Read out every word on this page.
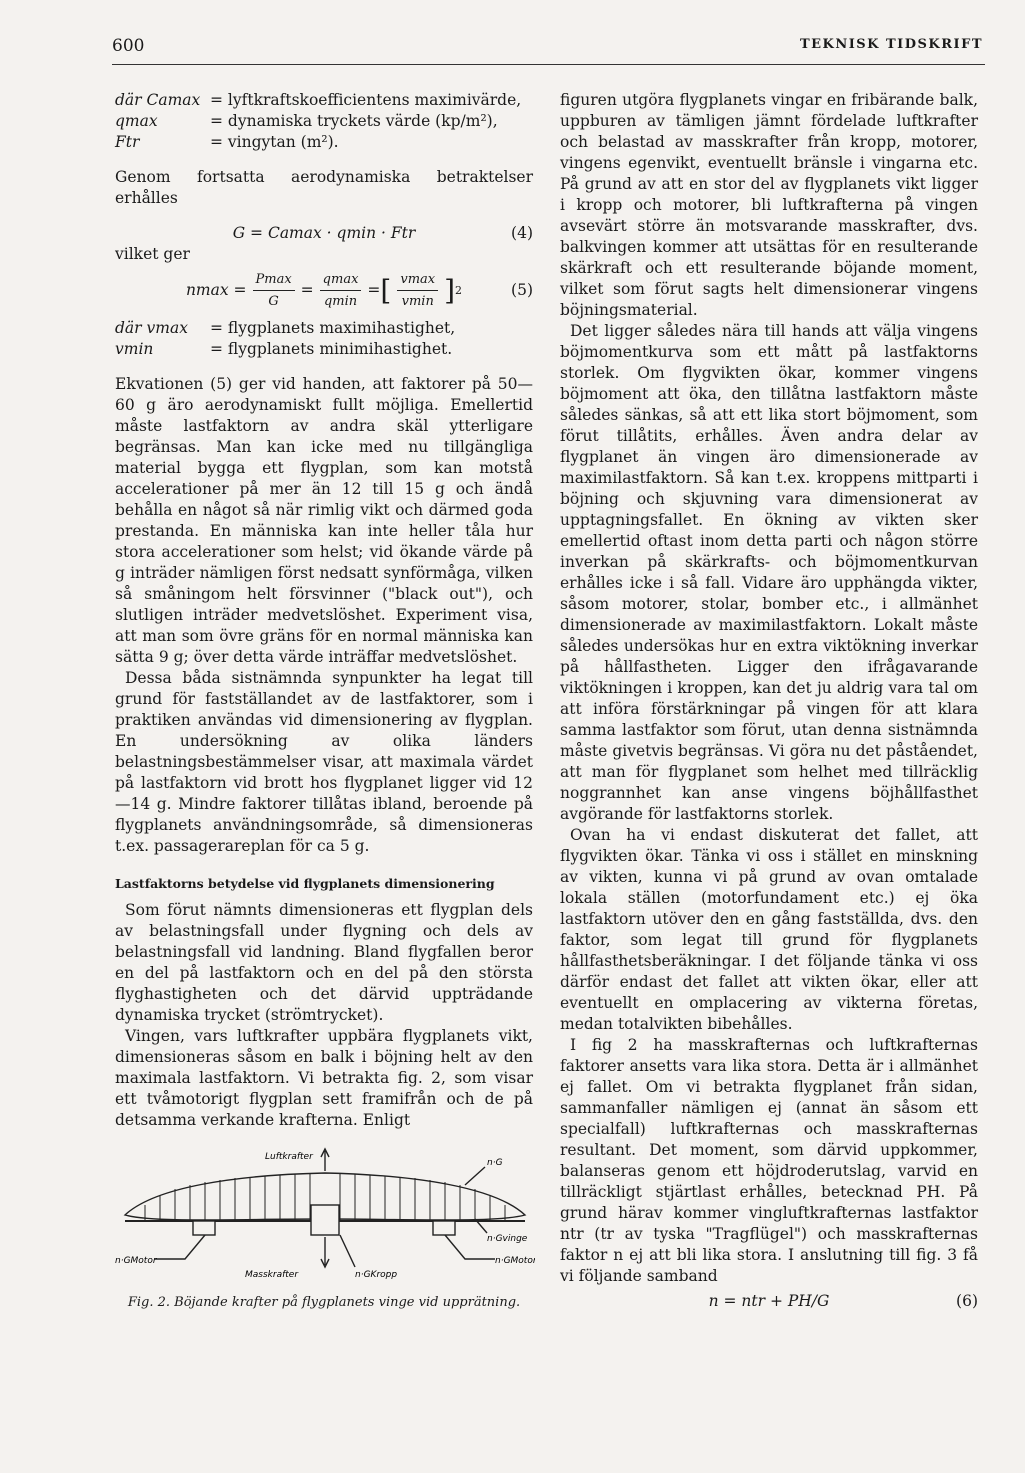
600	TEKNISK TIDSKRIFT
där Camax = lyftkraftskoefficientens maximivärde,
qmax	= dynamiska tryckets värde (kp/m²),
Ftr	= vingytan (m²).

Genom fortsatta aerodynamiska betraktelser erhålles

G = Camax · qmin · Ftr	(4)

vilket ger

$nmax = \frac{Pmax}{G} = \frac{qmax}{qmin}$ = [ $\frac{vmax}{vmin}$ ] 2	(5)
där vmax	= flygplanets maximihastighet,
vmin	= flygplanets minimihastighet.

Ekvationen (5) ger vid handen, att faktorer på 50—60 g äro aerodynamiskt fullt möjliga. Emellertid måste lastfaktorn av andra skäl ytterligare begränsas. Man kan icke med nu tillgängliga material bygga ett flygplan, som kan motstå accelerationer på mer än 12 till 15 g och ändå behålla en något så när rimlig vikt och därmed goda prestanda. En människa kan inte heller tåla hur stora accelerationer som helst; vid ökande värde på g inträder nämligen först nedsatt synförmåga, vilken så småningom helt försvinner ("black out"), och slutligen inträder medvetslöshet. Experiment visa, att man som övre gräns för en normal människa kan sätta 9 g; över detta värde inträffar medvetslöshet.

Dessa båda sistnämnda synpunkter ha legat till grund för fastställandet av de lastfaktorer, som i praktiken användas vid dimensionering av flygplan. En undersökning av olika länders belastningsbestämmelser visar, att maximala värdet på lastfaktorn vid brott hos flygplanet ligger vid 12—14 g. Mindre faktorer tillåtas ibland, beroende på flygplanets användningsområde, så dimensioneras t.ex. passagerareplan för ca 5 g.

Lastfaktorns betydelse vid flygplanets dimensionering

Som förut nämnts dimensioneras ett flygplan dels av belastningsfall under flygning och dels av belastningsfall vid landning. Bland flygfallen beror en del på lastfaktorn och en del på den största flyghastigheten och det därvid uppträdande dynamiska trycket (strömtrycket).

Vingen, vars luftkrafter uppbära flygplanets vikt, dimensioneras såsom en balk i böjning helt av den maximala lastfaktorn. Vi betrakta fig. 2, som visar ett tvåmotorigt flygplan sett framifrån och de på detsamma verkande krafterna. Enligt

Luftkrafter
n·G
n·Gvinge
n·GMotor	n·GMotor
Masskrafter	n·GKropp
Fig. 2. Böjande krafter på flygplanets vinge vid upprätning.

figuren utgöra flygplanets vingar en fribärande balk, uppburen av tämligen jämnt fördelade luftkrafter och belastad av masskrafter från kropp, motorer, vingens egenvikt, eventuellt bränsle i vingarna etc. På grund av att en stor del av flygplanets vikt ligger i kropp och motorer, bli luftkrafterna på vingen avsevärt större än motsvarande masskrafter, dvs. balkvingen kommer att utsättas för en resulterande skärkraft och ett resulterande böjande moment, vilket som förut sagts helt dimensionerar vingens böjningsmaterial.

Det ligger således nära till hands att välja vingens böjmomentkurva som ett mått på lastfaktorns storlek. Om flygvikten ökar, kommer vingens böjmoment att öka, den tillåtna lastfaktorn måste således sänkas, så att ett lika stort böjmoment, som förut tillåtits, erhålles. Även andra delar av flygplanet än vingen äro dimensionerade av maximilastfaktorn. Så kan t.ex. kroppens mittparti i böjning och skjuvning vara dimensionerat av upptagningsfallet. En ökning av vikten sker emellertid oftast inom detta parti och någon större inverkan på skärkrafts- och böjmomentkurvan erhålles icke i så fall. Vidare äro upphängda vikter, såsom motorer, stolar, bomber etc., i allmänhet dimensionerade av maximilastfaktorn. Lokalt måste således undersökas hur en extra viktökning inverkar på hållfastheten. Ligger den ifrågavarande viktökningen i kroppen, kan det ju aldrig vara tal om att införa förstärkningar på vingen för att klara samma lastfaktor som förut, utan denna sistnämnda måste givetvis begränsas. Vi göra nu det påståendet, att man för flygplanet som helhet med tillräcklig noggrannhet kan anse vingens böjhållfasthet avgörande för lastfaktorns storlek.

Ovan ha vi endast diskuterat det fallet, att flygvikten ökar. Tänka vi oss i stället en minskning av vikten, kunna vi på grund av ovan omtalade lokala ställen (motorfundament etc.) ej öka lastfaktorn utöver den en gång fastställda, dvs. den faktor, som legat till grund för flygplanets hållfasthetsberäkningar. I det följande tänka vi oss därför endast det fallet att vikten ökar, eller att eventuellt en omplacering av vikterna företas, medan totalvikten bibehålles.

I fig 2 ha masskrafternas och luftkrafternas faktorer ansetts vara lika stora. Detta är i allmänhet ej fallet. Om vi betrakta flygplanet från sidan, sammanfaller nämligen ej (annat än såsom ett specialfall) luftkrafternas och masskrafternas resultant. Det moment, som därvid uppkommer, balanseras genom ett höjdroderutslag, varvid en tillräckligt stjärtlast erhålles, betecknad PH. På grund härav kommer vingluftkrafternas lastfaktor ntr (tr av tyska "Tragflügel") och masskrafternas faktor n ej att bli lika stora. I anslutning till fig. 3 få vi följande samband

n = ntr + PH/G	(6)
